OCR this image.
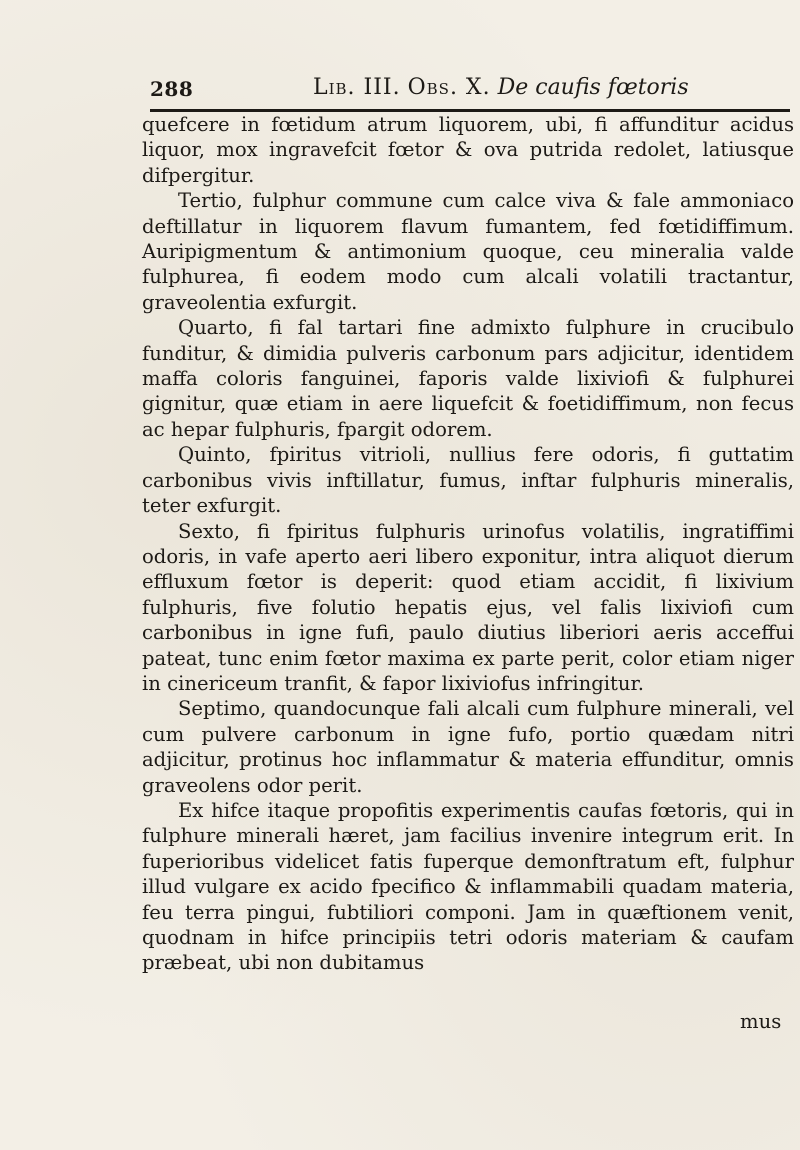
288	Lib. III. Obs. X. De caufis fœtoris

quefcere in fœtidum atrum liquorem, ubi, fi affunditur acidus liquor, mox ingravefcit fœtor & ova putrida redolet, latiusque difpergitur.

Tertio, fulphur commune cum calce viva & fale ammoniaco deftillatur in liquorem flavum fumantem, fed fœtidiffimum. Auripigmentum & antimonium quoque, ceu mineralia valde fulphurea, fi eodem modo cum alcali volatili tractantur, graveolentia exfurgit.

Quarto, fi fal tartari fine admixto fulphure in crucibulo funditur, & dimidia pulveris carbonum pars adjicitur, identidem maffa coloris fanguinei, faporis valde lixiviofi & fulphurei gignitur, quæ etiam in aere liquefcit & foetidiffimum, non fecus ac hepar fulphuris, fpargit odorem.

Quinto, fpiritus vitrioli, nullius fere odoris, fi guttatim carbonibus vivis inftillatur, fumus, inftar fulphuris mineralis, teter exfurgit.

Sexto, fi fpiritus fulphuris urinofus volatilis, ingratiffimi odoris, in vafe aperto aeri libero exponitur, intra aliquot dierum effluxum fœtor is deperit: quod etiam accidit, fi lixivium fulphuris, five folutio hepatis ejus, vel falis lixiviofi cum carbonibus in igne fufi, paulo diutius liberiori aeris acceffui pateat, tunc enim fœtor maxima ex parte perit, color etiam niger in cinericeum tranfit, & fapor lixiviofus infringitur.

Septimo, quandocunque fali alcali cum fulphure minerali, vel cum pulvere carbonum in igne fufo, portio quædam nitri adjicitur, protinus hoc inflammatur & materia effunditur, omnis graveolens odor perit.

Ex hifce itaque propofitis experimentis caufas fœtoris, qui in fulphure minerali hæret, jam facilius invenire integrum erit. In fuperioribus videlicet fatis fuperque demonftratum eft, fulphur illud vulgare ex acido fpecifico & inflammabili quadam materia, feu terra pingui, fubtiliori componi. Jam in quæftionem venit, quodnam in hifce principiis tetri odoris materiam & caufam præbeat, ubi non dubitamus

mus
